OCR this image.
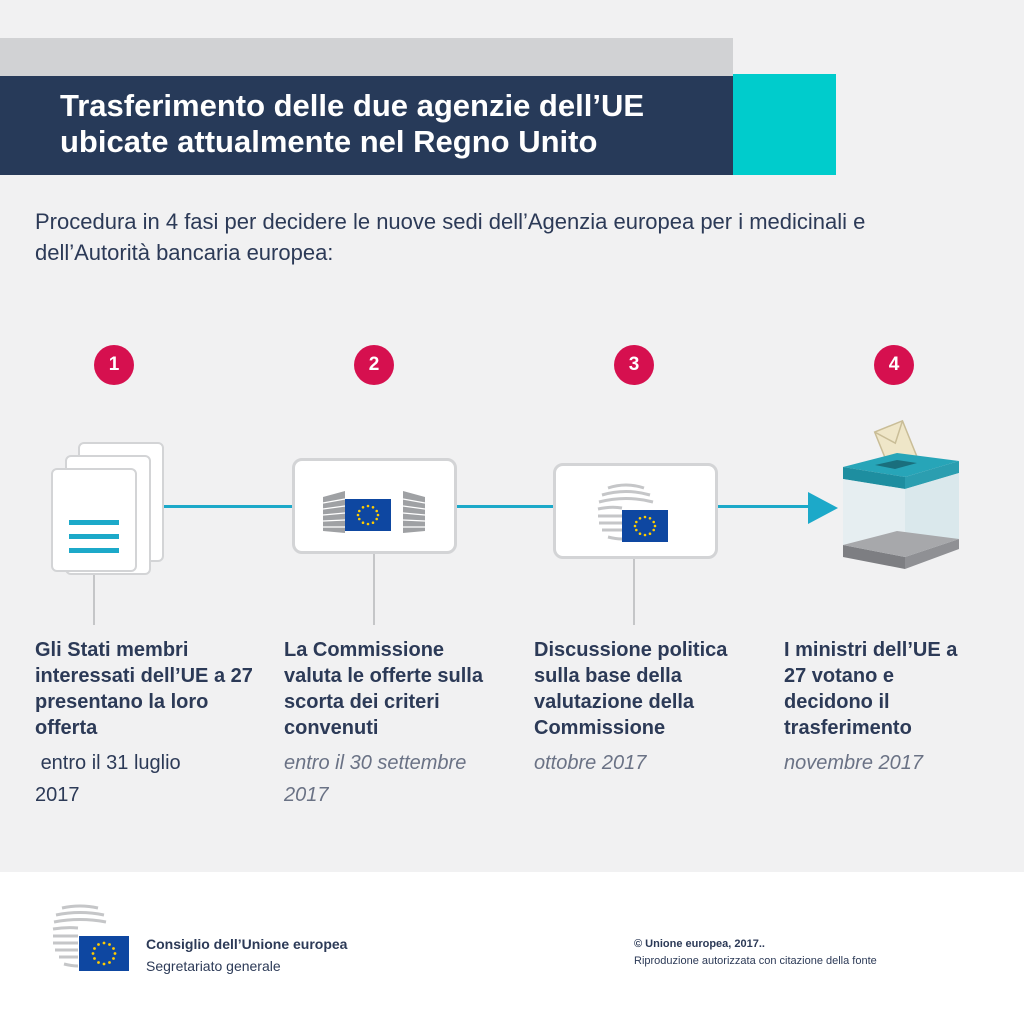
Trasferimento delle due agenzie dell’UE ubicate attualmente nel Regno Unito

Procedura in 4 fasi per decidere le nuove sedi dell’Agenzia europea per i medicinali e dell’Autorità bancaria europea:

1	2	3	4
Gli Stati membri interessati dell’UE a 27 presentano la loro offerta
entro il 31 luglio 2017
La Commissione valuta le offerte sulla scorta dei criteri convenuti
entro il 30 settembre 2017
Discussione politica sulla base della valutazione della Commissione
ottobre 2017
I ministri dell’UE a 27 votano e decidono il trasferimento
novembre 2017
Consiglio dell’Unione europea
Segretariato generale
© Unione europea, 2017..
Riproduzione autorizzata con citazione della fonte
